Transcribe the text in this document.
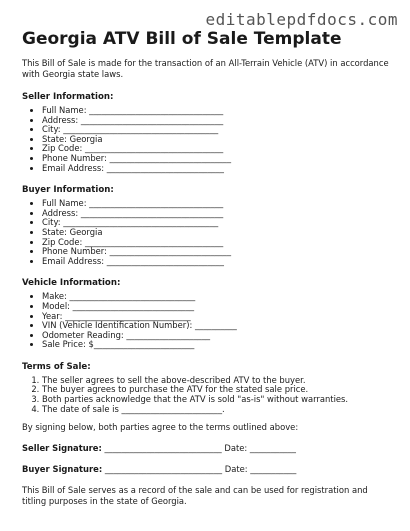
editablepdfdocs.com
Georgia ATV Bill of Sale Template

This Bill of Sale is made for the transaction of an All-Terrain Vehicle (ATV) in accordance with Georgia state laws.

Seller Information:
• Full Name: ________________________________
• Address: __________________________________
• City: _____________________________________
• State: Georgia
• Zip Code: _________________________________
• Phone Number: _____________________________
• Email Address: ____________________________
Buyer Information:
• Full Name: ________________________________
• Address: __________________________________
• City: _____________________________________
• State: Georgia
• Zip Code: _________________________________
• Phone Number: _____________________________
• Email Address: ____________________________
Vehicle Information:
• Make: ______________________________
• Model: _____________________________
• Year: ______________________________
• VIN (Vehicle Identification Number): __________
• Odometer Reading: ____________________
• Sale Price: $________________________
Terms of Sale:
1. The seller agrees to sell the above-described ATV to the buyer.
2. The buyer agrees to purchase the ATV for the stated sale price.
3. Both parties acknowledge that the ATV is sold "as-is" without warranties.
4. The date of sale is ________________________.

By signing below, both parties agree to the terms outlined above:

Seller Signature: ____________________________ Date: ___________

Buyer Signature: ____________________________ Date: ___________

This Bill of Sale serves as a record of the sale and can be used for registration and titling purposes in the state of Georgia.
